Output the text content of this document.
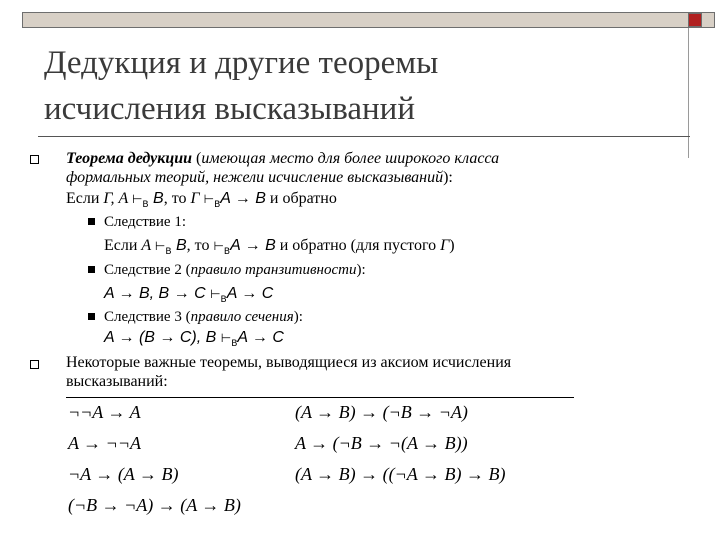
Дедукция и другие теоремы
исчисления высказываний
Теорема дедукции (имеющая место для более широкого класса
формальных теорий, нежели исчисление высказываний):
Если Γ, A $⊢_B$ B, то Γ $⊢_BA \to B$ и обратно
Следствие 1:
Если A $⊢_B$ B, то $⊢_BA \to B$ и обратно (для пустого Γ)
Следствие 2 (правило транзитивности):
A → B, B → C $⊢_BA \to C$
Следствие 3 (правило сечения):
A → (B → C), B $⊢_BA \to C$
Некоторые важные теоремы, выводящиеся из аксиом исчисления
высказываний:
¬¬A → A
A → ¬¬A
¬A → (A → B)
(¬B → ¬A) → (A → B)
(A → B) → (¬B → ¬A)
A → (¬B → ¬(A → B))
(A → B) → ((¬A → B) → B)
